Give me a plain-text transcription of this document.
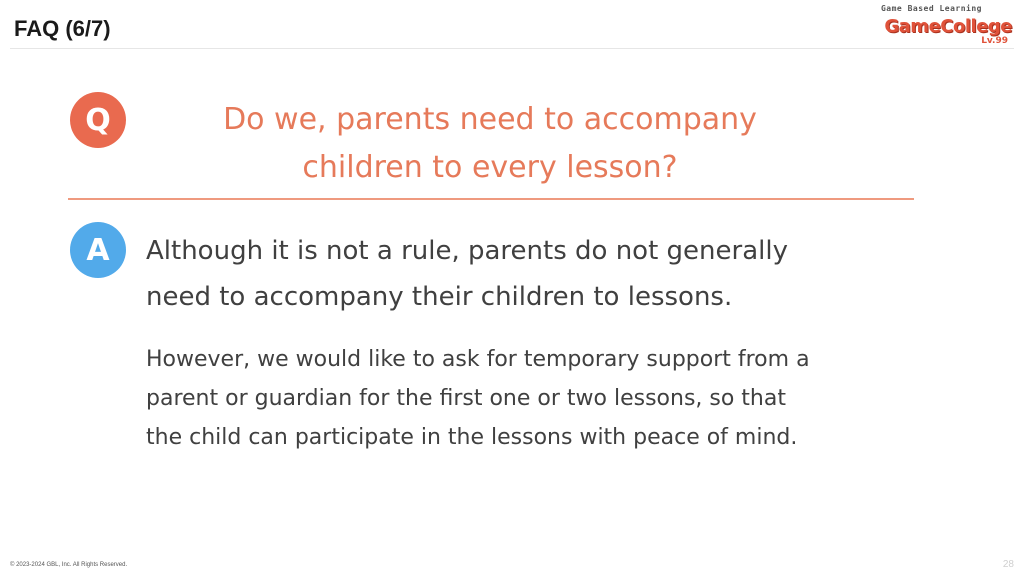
FAQ (6/7)
Game Based Learning
GameCollege
Lv.99
Q	Do we, parents need to accompany
children to every lesson?
A	Although it is not a rule, parents do not generally
need to accompany their children to lessons.
However, we would like to ask for temporary support from a
parent or guardian for the first one or two lessons, so that
the child can participate in the lessons with peace of mind.
© 2023-2024 GBL, Inc. All Rights Reserved.	28
